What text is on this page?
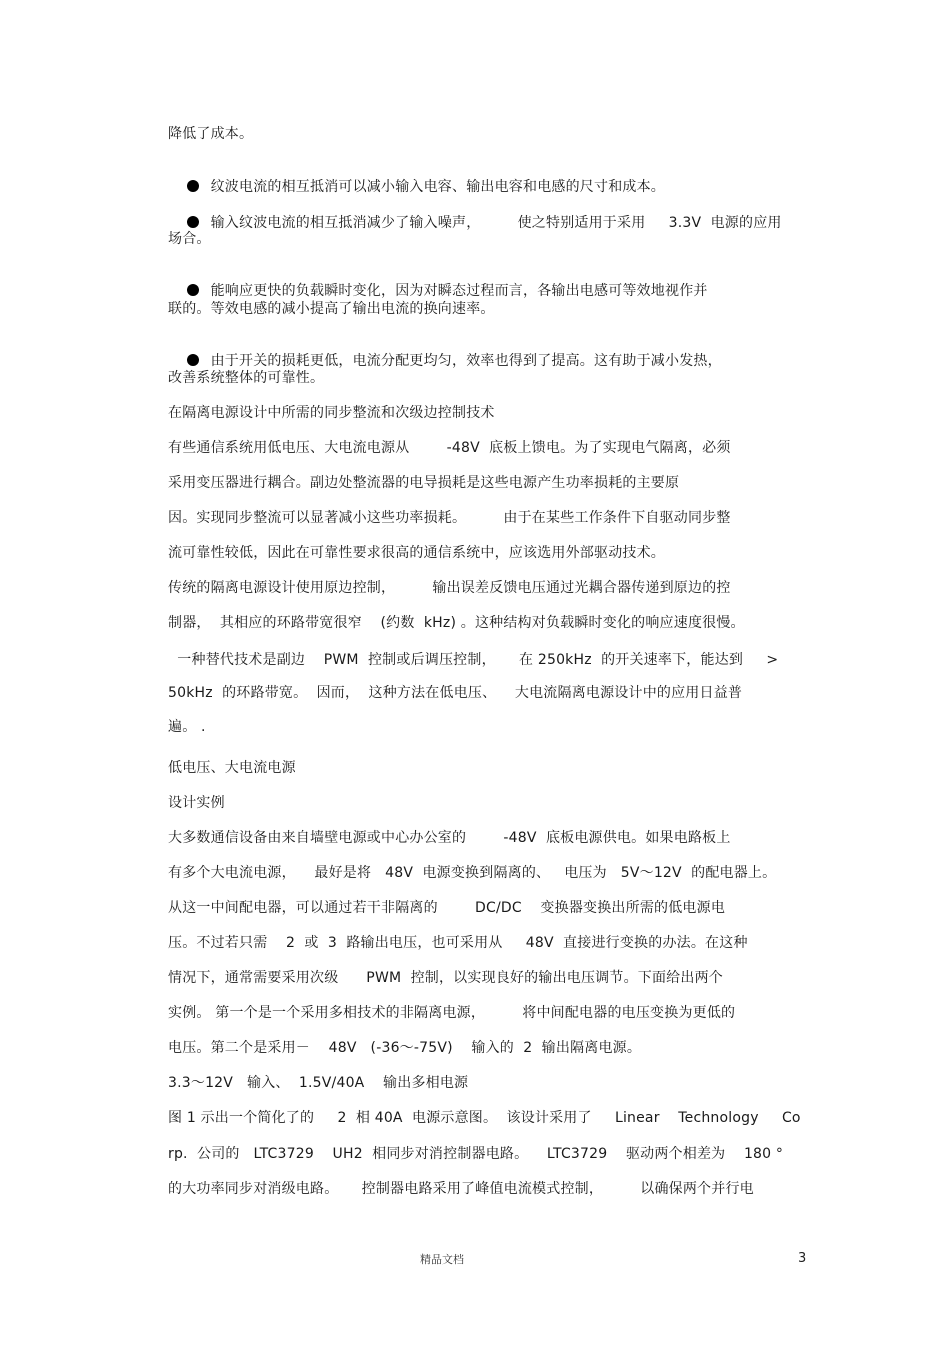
降低了成本。

纹波电流的相互抵消可以减小输入电容、输出电容和电感的尺寸和成本。

输入纹波电流的相互抵消减少了输入噪声，        使之特别适用于采用     3.3V  电源的应用

场合。

能响应更快的负载瞬时变化，因为对瞬态过程而言，各输出电感可等效地视作并

联的。等效电感的减小提高了输出电流的换向速率。

由于开关的损耗更低，电流分配更均匀，效率也得到了提高。这有助于减小发热，

改善系统整体的可靠性。
在隔离电源设计中所需的同步整流和次级边控制技术
有些通信系统用低电压、大电流电源从        -48V  底板上馈电。为了实现电气隔离，必须
采用变压器进行耦合。副边处整流器的电导损耗是这些电源产生功率损耗的主要原
因。实现同步整流可以显著减小这些功率损耗。        由于在某些工作条件下自驱动同步整
流可靠性较低，因此在可靠性要求很高的通信系统中，应该选用外部驱动技术。
传统的隔离电源设计使用原边控制，        输出误差反馈电压通过光耦合器传递到原边的控
制器，  其相应的环路带宽很窄    (约数  kHz) 。这种结构对负载瞬时变化的响应速度很慢。
一种替代技术是副边    PWM  控制或后调压控制，     在 250kHz  的开关速率下，能达到     >
50kHz  的环路带宽。  因而，  这种方法在低电压、    大电流隔离电源设计中的应用日益普
遍。 .
低电压、大电流电源
设计实例
大多数通信设备由来自墙壁电源或中心办公室的        -48V  底板电源供电。如果电路板上
有多个大电流电源，    最好是将   48V  电源变换到隔离的、   电压为   5V～12V  的配电器上。
从这一中间配电器，可以通过若干非隔离的        DC/DC    变换器变换出所需的低电源电
压。不过若只需    2  或  3  路输出电压，也可采用从     48V  直接进行变换的办法。在这种
情况下，通常需要采用次级      PWM  控制，以实现良好的输出电压调节。下面给出两个
实例。 第一个是一个采用多相技术的非隔离电源，        将中间配电器的电压变换为更低的
电压。第二个是采用－    48V   (-36～-75V)    输入的  2  输出隔离电源。
3.3～12V   输入、  1.5V/40A    输出多相电源
图 1 示出一个简化了的     2  相 40A  电源示意图。  该设计采用了     Linear    Technology     Co
rp.  公司的   LTC3729    UH2  相同步对消控制器电路。    LTC3729    驱动两个相差为    180 °
的大功率同步对消级电路。     控制器电路采用了峰值电流模式控制，        以确保两个并行电
精品文档	3
